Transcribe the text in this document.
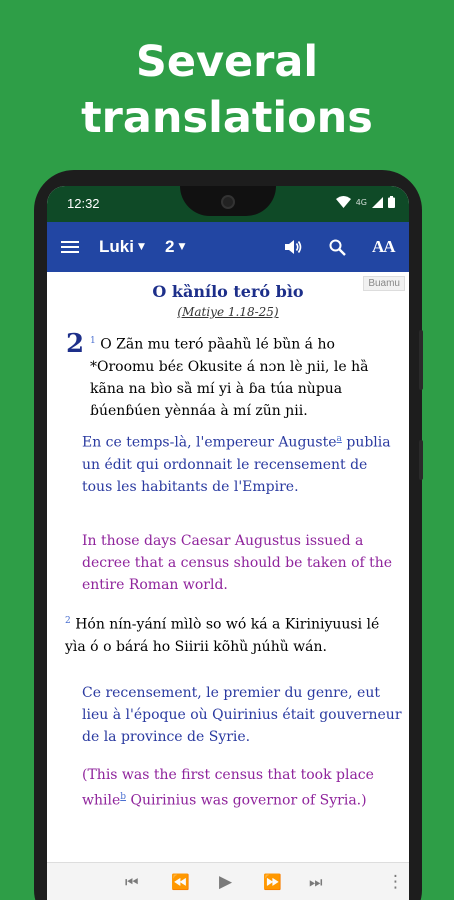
Several
translations
12:32	4G
Luki ▼ 2 ▼	AA
Buamu
O kȁnílo teró bìo
(Matiye 1.18-25)
2 $^1$ O Zãn mu teró pȁahȕ lé bȕn á ho *Oroomu béɛ Okusite á nɔn lè ɲii, le hȁ kãna na bìo sȁ mí yi à ɓa túa nùpua ɓúenɓúen yènnáa à mí zũn ɲii.
En ce temps-là, l'empereur Auguste$^a$ publia un édit qui ordonnait le recensement de tous les habitants de l'Empire.
In those days Caesar Augustus issued a decree that a census should be taken of the entire Roman world.
$^2$ Hón nín-yání mìlò so wó ká a Kiriniyuusi lé yìa ó o bárá ho Siirii kõhȕ ɲúhȕ wán.
Ce recensement, le premier du genre, eut lieu à l'époque où Quirinius était gouverneur de la province de Syrie.
(This was the first census that took place while$^b$ Quirinius was governor of Syria.)
⏮ ⏪ ▶ ⏩ ⏭	⋮
